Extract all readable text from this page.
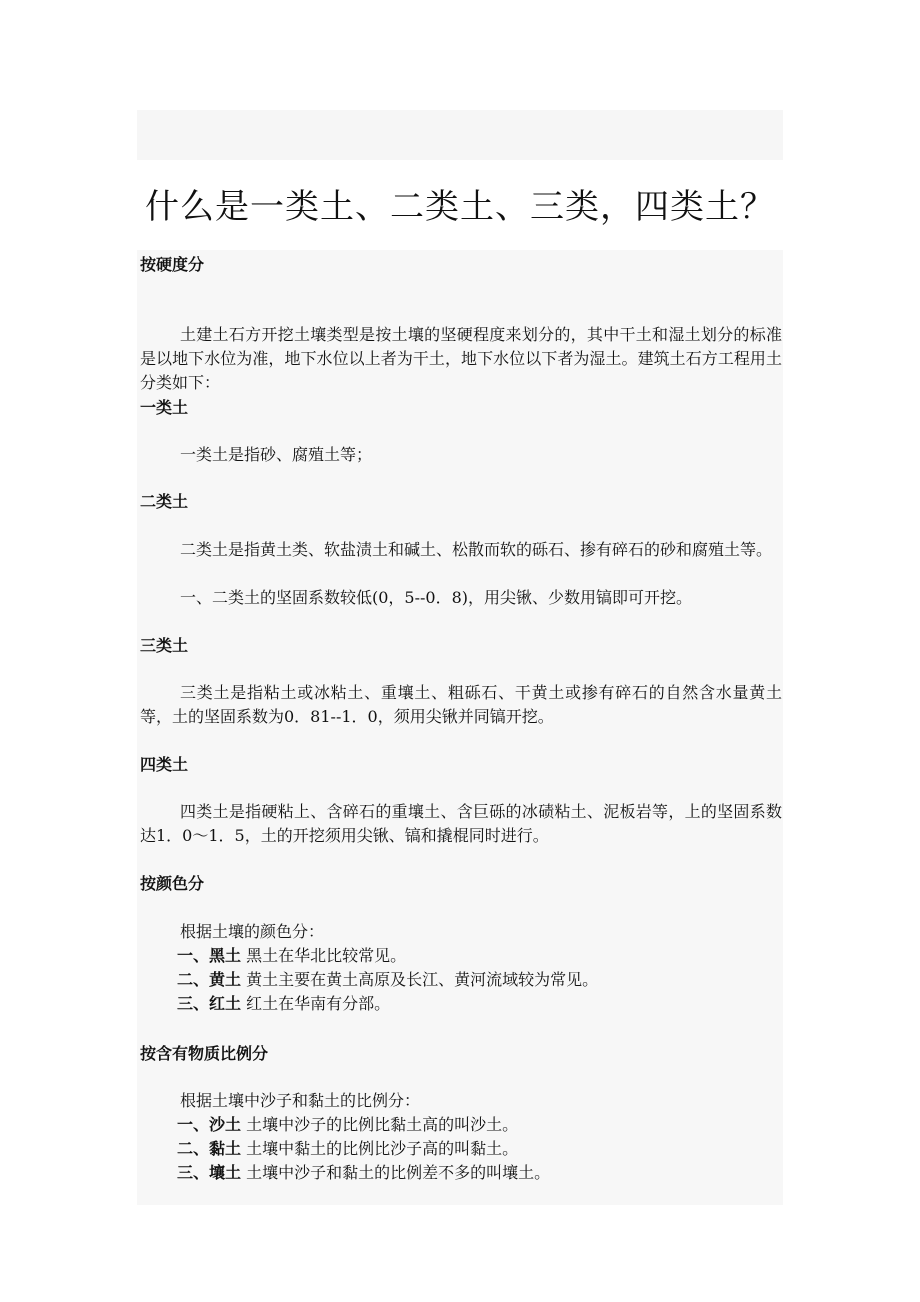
什么是一类土、二类土、三类，四类土？
按硬度分
土建土石方开挖土壤类型是按土壤的坚硬程度来划分的，其中干土和湿土划分的标准是以地下水位为准，地下水位以上者为干土，地下水位以下者为湿土。建筑土石方工程用土分类如下：
一类土
一类土是指砂、腐殖土等；
二类土
二类土是指黄土类、软盐渍土和碱土、松散而软的砾石、掺有碎石的砂和腐殖土等。
一、二类土的坚固系数较低(0，5--0．8)，用尖锹、少数用镐即可开挖。
三类土
三类土是指粘土或冰粘土、重壤土、粗砾石、干黄土或掺有碎石的自然含水量黄土等，土的坚固系数为0．81--1．0，须用尖锹并同镐开挖。
四类土
四类土是指硬粘上、含碎石的重壤土、含巨砾的冰碛粘土、泥板岩等，上的坚固系数达1．0～1．5，土的开挖须用尖锹、镐和撬棍同时进行。
按颜色分
根据土壤的颜色分：
一、黑土 黑土在华北比较常见。
二、黄土 黄土主要在黄土高原及长江、黄河流域较为常见。
三、红土 红土在华南有分部。
按含有物质比例分
根据土壤中沙子和黏土的比例分：
一、沙土 土壤中沙子的比例比黏土高的叫沙土。
二、黏土 土壤中黏土的比例比沙子高的叫黏土。
三、壤土 土壤中沙子和黏土的比例差不多的叫壤土。
